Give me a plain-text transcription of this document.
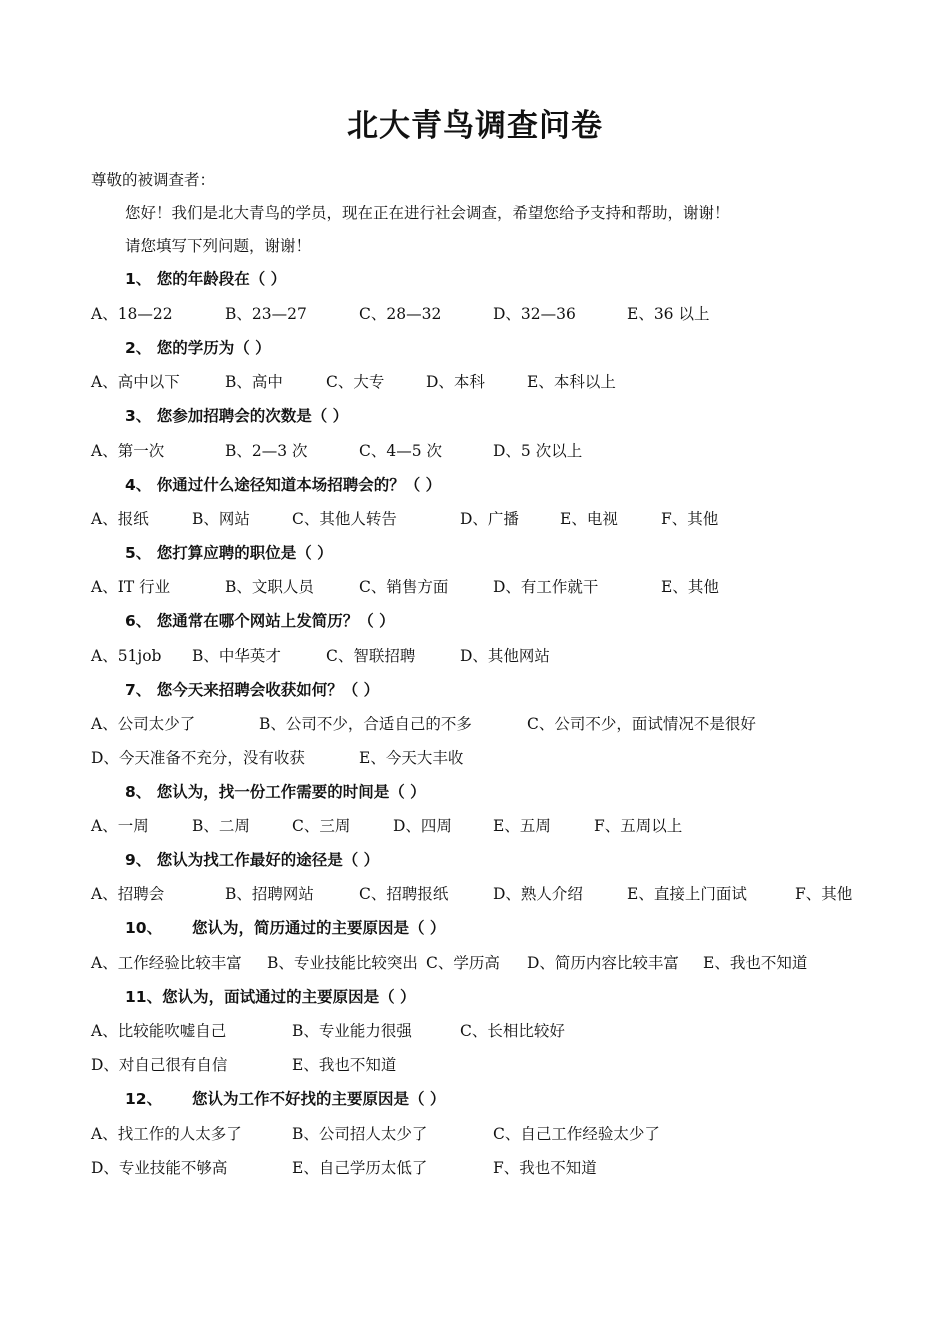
北大青鸟调查问卷
尊敬的被调查者：
您好！我们是北大青鸟的学员，现在正在进行社会调查，希望您给予支持和帮助，谢谢！
请您填写下列问题，谢谢！
1、 您的年龄段在（ ）
A、18—22	B、23—27	C、28—32	D、32—36	E、36 以上
2、 您的学历为（ ）
A、高中以下	B、高中	C、大专	D、本科	E、本科以上
3、 您参加招聘会的次数是（ ）
A、第一次	B、2—3 次	C、4—5 次	D、5 次以上
4、 你通过什么途径知道本场招聘会的？（ ）
A、报纸	B、网站	C、其他人转告	D、广播	E、电视	F、其他
5、 您打算应聘的职位是（ ）
A、IT 行业	B、文职人员	C、销售方面	D、有工作就干	E、其他
6、 您通常在哪个网站上发简历？（ ）
A、51job B、中华英才	C、智联招聘	D、其他网站
7、 您今天来招聘会收获如何？（ ）
A、公司太少了	B、公司不少，合适自己的不多	C、公司不少，面试情况不是很好
D、今天准备不充分，没有收获	E、今天大丰收
8、 您认为，找一份工作需要的时间是（ ）
A、一周	B、二周	C、三周	D、四周	E、五周	F、五周以上
9、 您认为找工作最好的途径是（ ）
A、招聘会	B、招聘网站	C、招聘报纸	D、熟人介绍	E、直接上门面试	F、其他
10、 您认为，简历通过的主要原因是（ ）
A、工作经验比较丰富 B、专业技能比较突出 C、学历高 D、简历内容比较丰富 E、我也不知道
11、您认为，面试通过的主要原因是（ ）
A、比较能吹嘘自己	B、专业能力很强	C、长相比较好
D、对自己很有自信	E、我也不知道
12、 您认为工作不好找的主要原因是（ ）
A、找工作的人太多了	B、公司招人太少了	C、自己工作经验太少了
D、专业技能不够高	E、自己学历太低了	F、我也不知道
